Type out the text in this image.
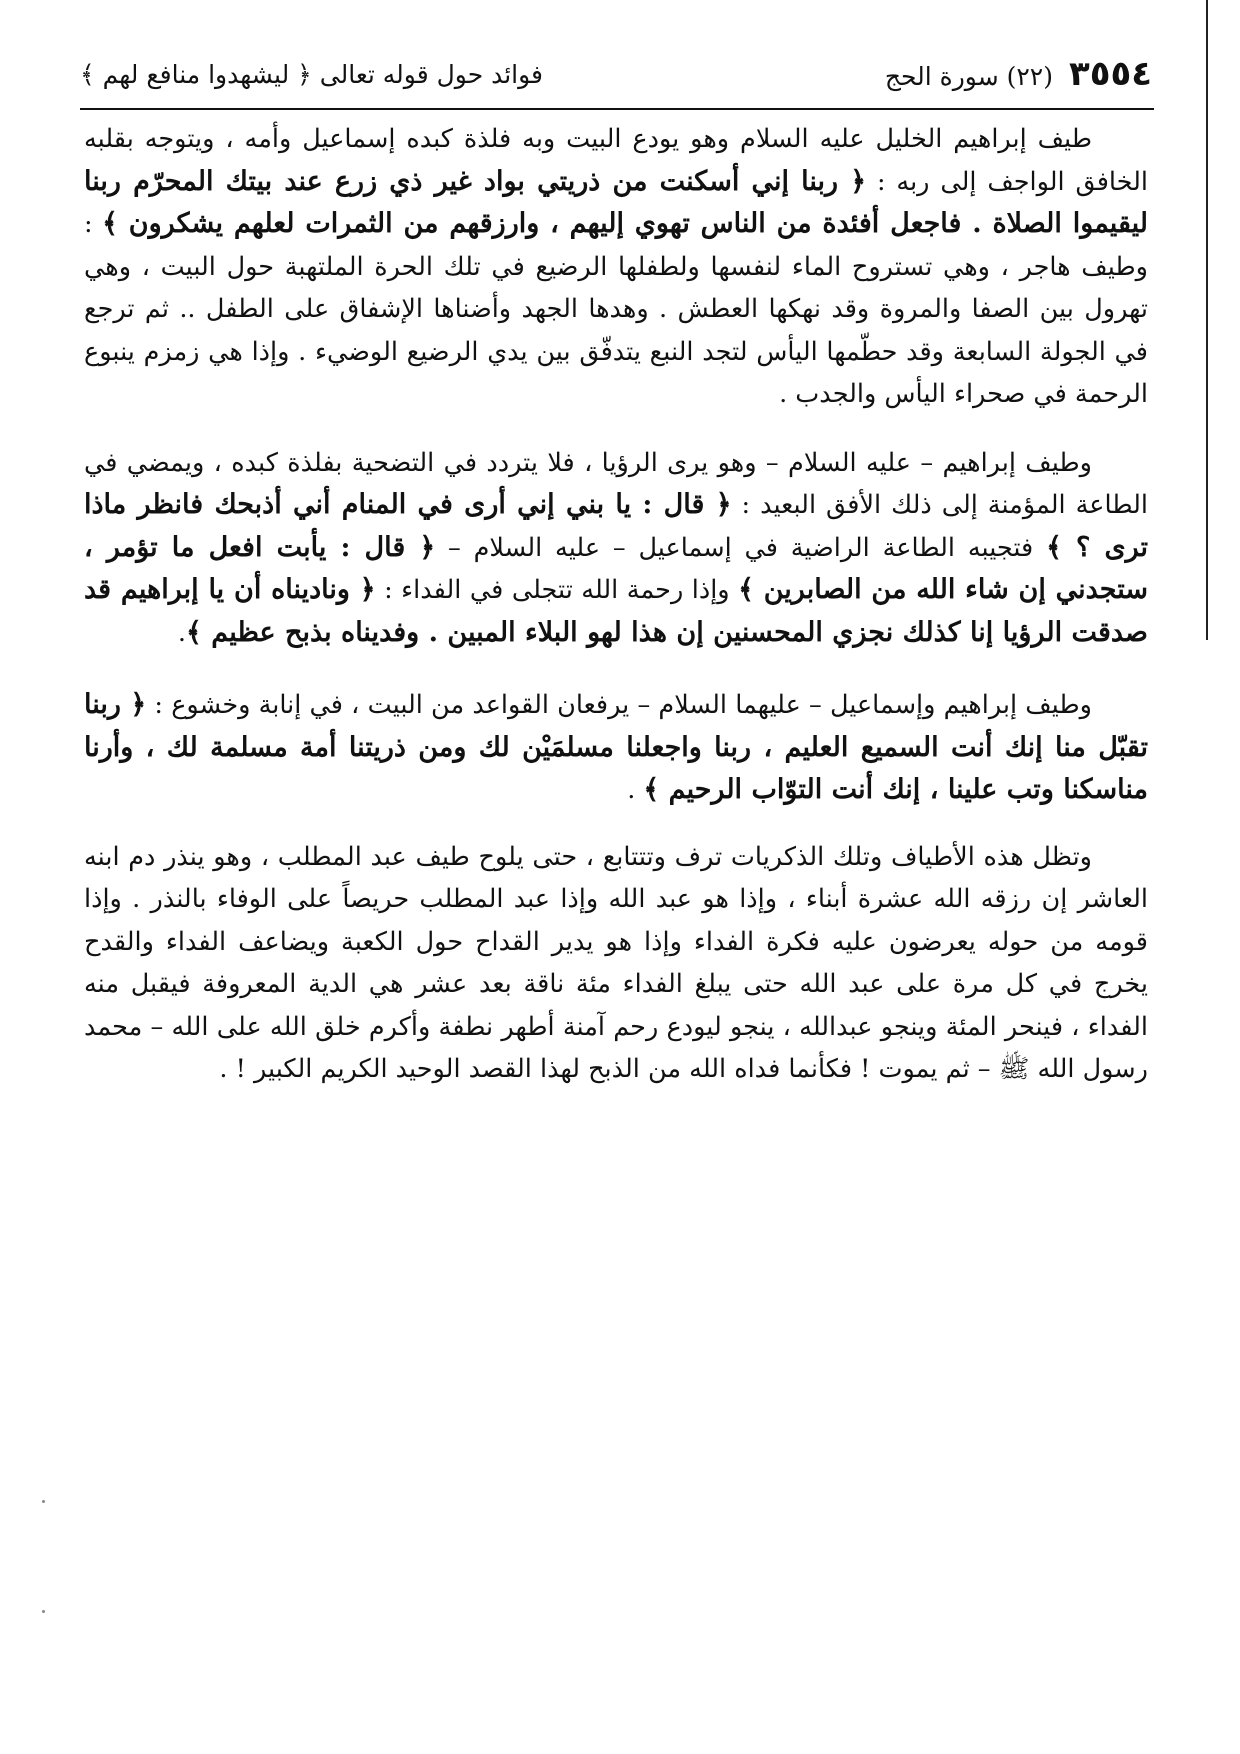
٣٥٥٤
(٢٢) سورة الحج
فوائد حول قوله تعالى ﴿ ليشهدوا منافع لهم ﴾

طيف إبراهيم الخليل عليه السلام وهو يودع البيت وبه فلذة كبده إسماعيل وأمه ، ويتوجه بقلبه الخافق الواجف إلى ربه : ﴿ ربنا إني أسكنت من ذريتي بواد غير ذي زرع عند بيتك المحرّم ربنا ليقيموا الصلاة . فاجعل أفئدة من الناس تهوي إليهم ، وارزقهم من الثمرات لعلهم يشكرون ﴾ : وطيف هاجر ، وهي تستروح الماء لنفسها ولطفلها الرضيع في تلك الحرة الملتهبة حول البيت ، وهي تهرول بين الصفا والمروة وقد نهكها العطش . وهدها الجهد وأضناها الإشفاق على الطفل .. ثم ترجع في الجولة السابعة وقد حطّمها اليأس لتجد النبع يتدفّق بين يدي الرضيع الوضيء . وإذا هي زمزم ينبوع الرحمة في صحراء اليأس والجدب .

وطيف إبراهيم – عليه السلام – وهو يرى الرؤيا ، فلا يتردد في التضحية بفلذة كبده ، ويمضي في الطاعة المؤمنة إلى ذلك الأفق البعيد : ﴿ قال : يا بني إني أرى في المنام أني أذبحك فانظر ماذا ترى ؟ ﴾ فتجيبه الطاعة الراضية في إسماعيل – عليه السلام – ﴿ قال : يأبت افعل ما تؤمر ، ستجدني إن شاء الله من الصابرين ﴾ وإذا رحمة الله تتجلى في الفداء : ﴿ وناديناه أن يا إبراهيم قد صدقت الرؤيا إنا كذلك نجزي المحسنين إن هذا لهو البلاء المبين . وفديناه بذبح عظيم ﴾.

وطيف إبراهيم وإسماعيل – عليهما السلام – يرفعان القواعد من البيت ، في إنابة وخشوع : ﴿ ربنا تقبّل منا إنك أنت السميع العليم ، ربنا واجعلنا مسلمَيْن لك ومن ذريتنا أمة مسلمة لك ، وأرنا مناسكنا وتب علينا ، إنك أنت التوّاب الرحيم ﴾ .

وتظل هذه الأطياف وتلك الذكريات ترف وتتتابع ، حتى يلوح طيف عبد المطلب ، وهو ينذر دم ابنه العاشر إن رزقه الله عشرة أبناء ، وإذا هو عبد الله وإذا عبد المطلب حريصاً على الوفاء بالنذر . وإذا قومه من حوله يعرضون عليه فكرة الفداء وإذا هو يدير القداح حول الكعبة ويضاعف الفداء والقدح يخرج في كل مرة على عبد الله حتى يبلغ الفداء مئة ناقة بعد عشر هي الدية المعروفة فيقبل منه الفداء ، فينحر المئة وينجو عبدالله ، ينجو ليودع رحم آمنة أطهر نطفة وأكرم خلق الله على الله – محمد رسول الله ﷺ – ثم يموت ! فكأنما فداه الله من الذبح لهذا القصد الوحيد الكريم الكبير ! .
